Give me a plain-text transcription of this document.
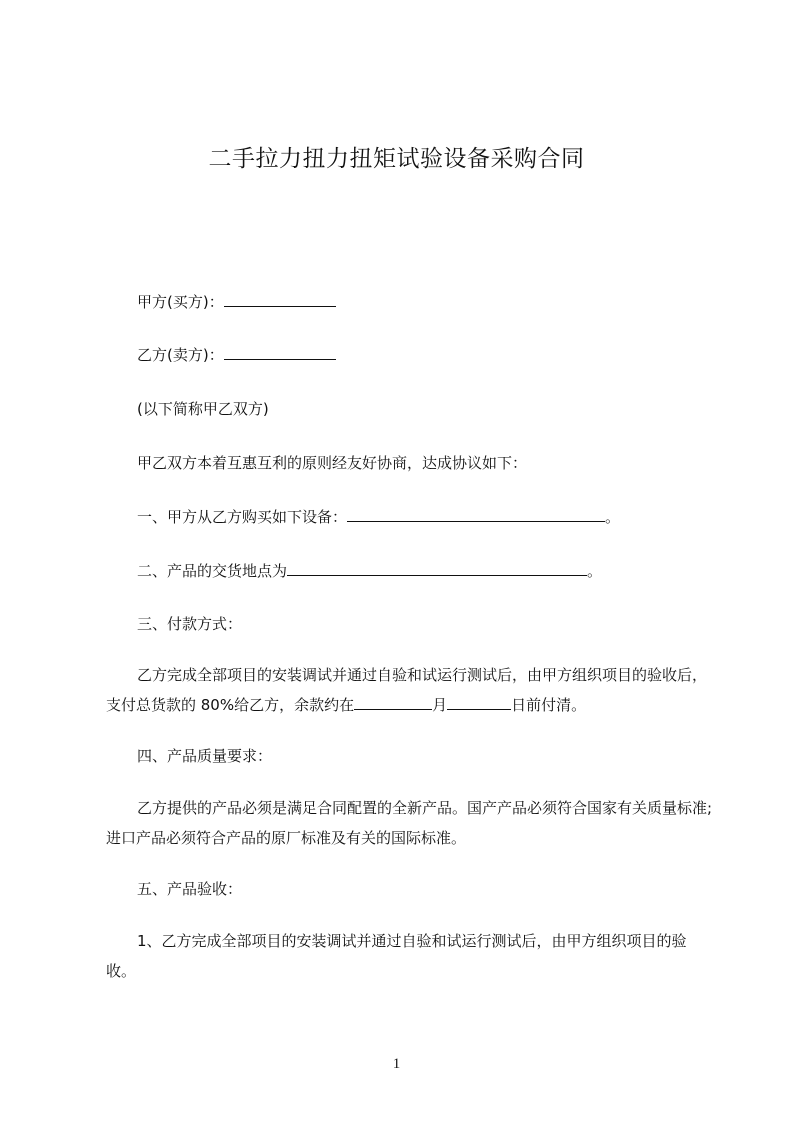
二手拉力扭力扭矩试验设备采购合同
甲方(买方)：
乙方(卖方)：
(以下简称甲乙双方)
甲乙双方本着互惠互利的原则经友好协商，达成协议如下：
一、甲方从乙方购买如下设备：	。
二、产品的交货地点为	。
三、付款方式：
乙方完成全部项目的安装调试并通过自验和试运行测试后，由甲方组织项目的验收后，支付总货款的 80%给乙方，余款约在	月	日前付清。
四、产品质量要求：
乙方提供的产品必须是满足合同配置的全新产品。国产产品必须符合国家有关质量标准;进口产品必须符合产品的原厂标准及有关的国际标准。
五、产品验收：
1、乙方完成全部项目的安装调试并通过自验和试运行测试后，由甲方组织项目的验收。
1
